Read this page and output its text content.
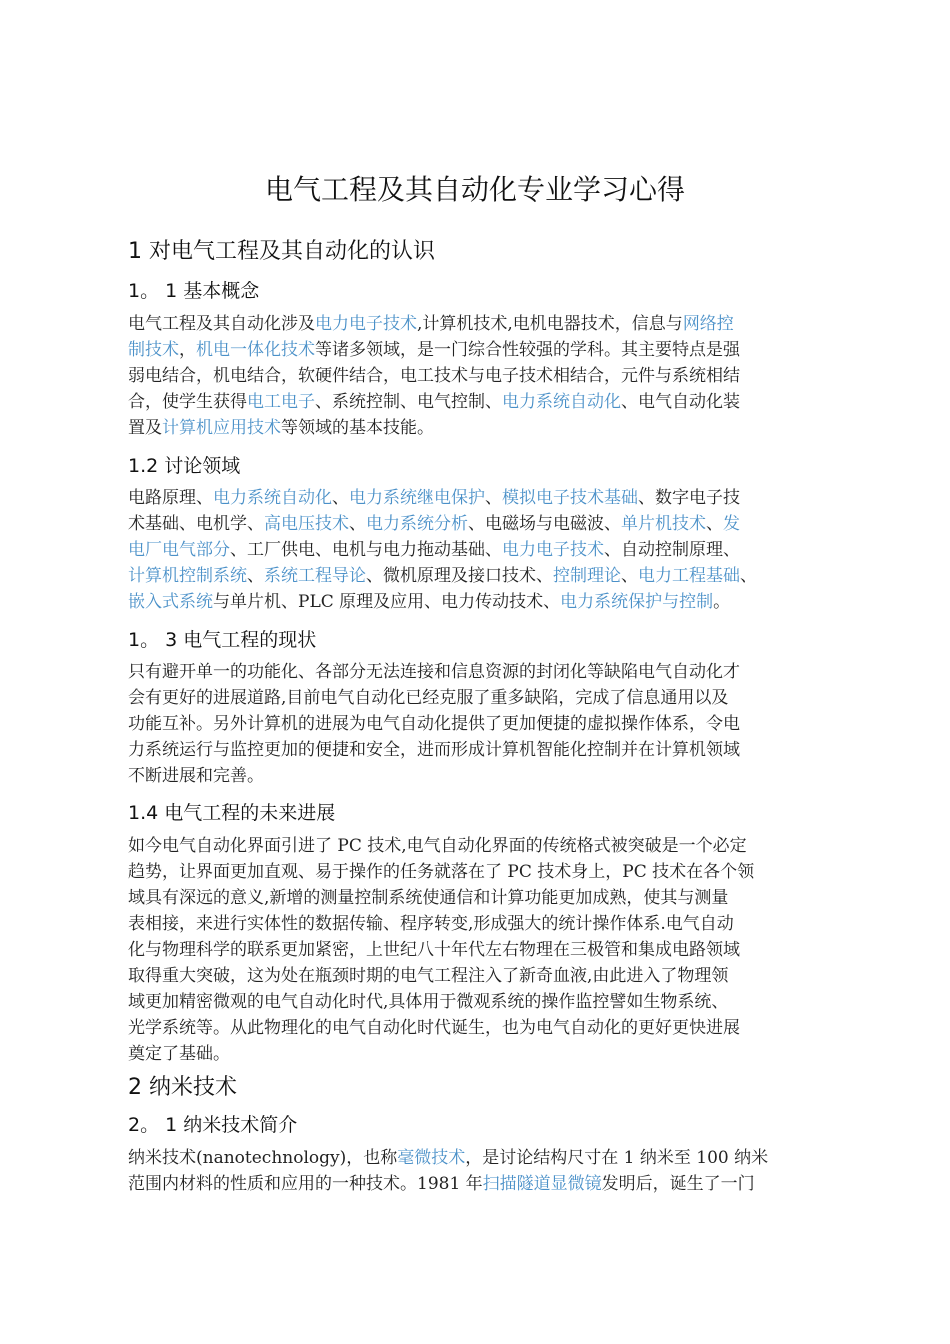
电气工程及其自动化专业学习心得
1 对电气工程及其自动化的认识
1。 1 基本概念
电气工程及其自动化涉及电力电子技术,计算机技术,电机电器技术，信息与网络控
制技术，机电一体化技术等诸多领域，是一门综合性较强的学科。其主要特点是强
弱电结合，机电结合，软硬件结合，电工技术与电子技术相结合，元件与系统相结
合，使学生获得电工电子、系统控制、电气控制、电力系统自动化、电气自动化装
置及计算机应用技术等领域的基本技能。
1.2 讨论领域
电路原理、电力系统自动化、电力系统继电保护、模拟电子技术基础、数字电子技
术基础、电机学、高电压技术、电力系统分析、电磁场与电磁波、单片机技术、发
电厂电气部分、工厂供电、电机与电力拖动基础、电力电子技术、自动控制原理、
计算机控制系统、系统工程导论、微机原理及接口技术、控制理论、电力工程基础、
嵌入式系统与单片机、PLC 原理及应用、电力传动技术、电力系统保护与控制。
1。 3 电气工程的现状
只有避开单一的功能化、各部分无法连接和信息资源的封闭化等缺陷电气自动化才
会有更好的进展道路,目前电气自动化已经克服了重多缺陷，完成了信息通用以及
功能互补。另外计算机的进展为电气自动化提供了更加便捷的虚拟操作体系，令电
力系统运行与监控更加的便捷和安全，进而形成计算机智能化控制并在计算机领域
不断进展和完善。
1.4 电气工程的未来进展
如今电气自动化界面引进了 PC 技术,电气自动化界面的传统格式被突破是一个必定
趋势，让界面更加直观、易于操作的任务就落在了 PC 技术身上，PC 技术在各个领
域具有深远的意义,新增的测量控制系统使通信和计算功能更加成熟，使其与测量
表相接，来进行实体性的数据传输、程序转变,形成强大的统计操作体系.电气自动
化与物理科学的联系更加紧密，上世纪八十年代左右物理在三极管和集成电路领域
取得重大突破，这为处在瓶颈时期的电气工程注入了新奇血液,由此进入了物理领
域更加精密微观的电气自动化时代,具体用于微观系统的操作监控譬如生物系统、
光学系统等。从此物理化的电气自动化时代诞生，也为电气自动化的更好更快进展
奠定了基础。
2 纳米技术
2。 1 纳米技术简介
纳米技术(nanotechnology)，也称毫微技术，是讨论结构尺寸在 1 纳米至 100 纳米
范围内材料的性质和应用的一种技术。1981 年扫描隧道显微镜发明后，诞生了一门
